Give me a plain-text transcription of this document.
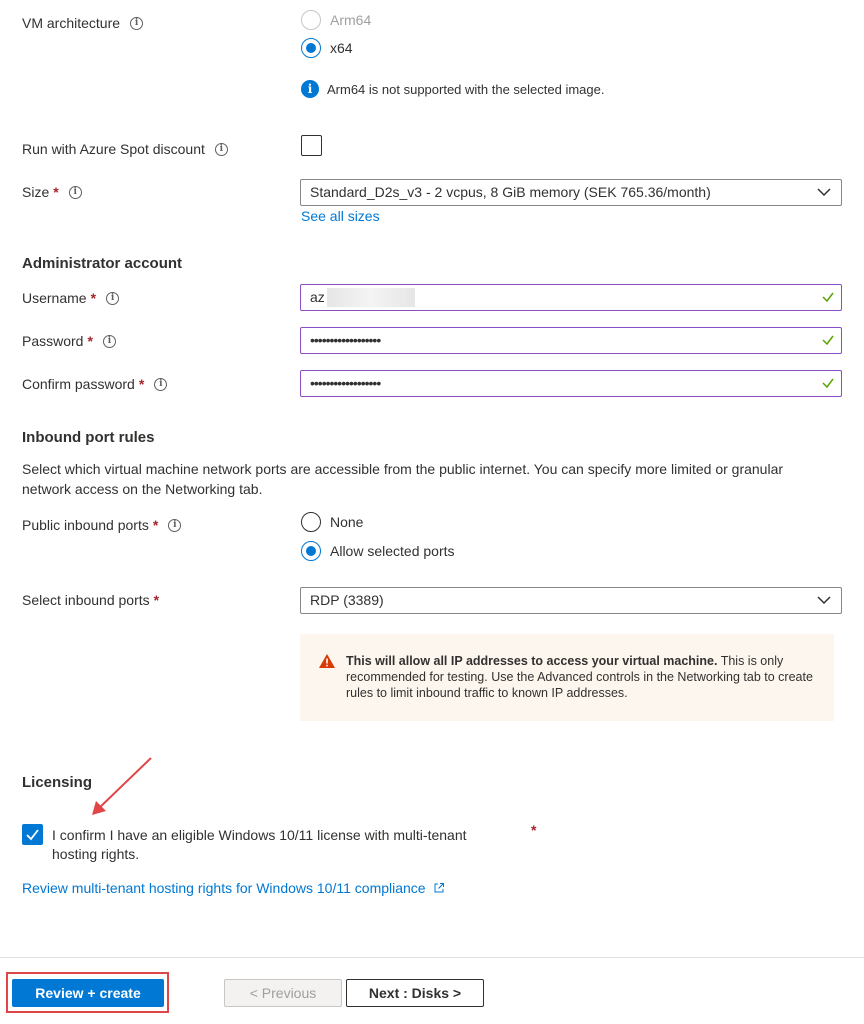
VM architecture	i	Arm64
x64
i	Arm64 is not supported with the selected image.
Run with Azure Spot discount	i
Size *	i	Standard_D2s_v3 - 2 vcpus, 8 GiB memory (SEK 765.36/month)
See all sizes
Administrator account
Username *	i	az
Password *	i	••••••••••••••••••
Confirm password *	i	••••••••••••••••••
Inbound port rules
Select which virtual machine network ports are accessible from the public internet. You can specify more limited or granular network access on the Networking tab.
Public inbound ports *	i	None
Allow selected ports
Select inbound ports *	RDP (3389)
This will allow all IP addresses to access your virtual machine. This is only recommended for testing. Use the Advanced controls in the Networking tab to create rules to limit inbound traffic to known IP addresses.
Licensing
I confirm I have an eligible Windows 10/11 license with multi-tenant hosting rights.
*
Review multi-tenant hosting rights for Windows 10/11 compliance
Review + create	< Previous	Next : Disks >
